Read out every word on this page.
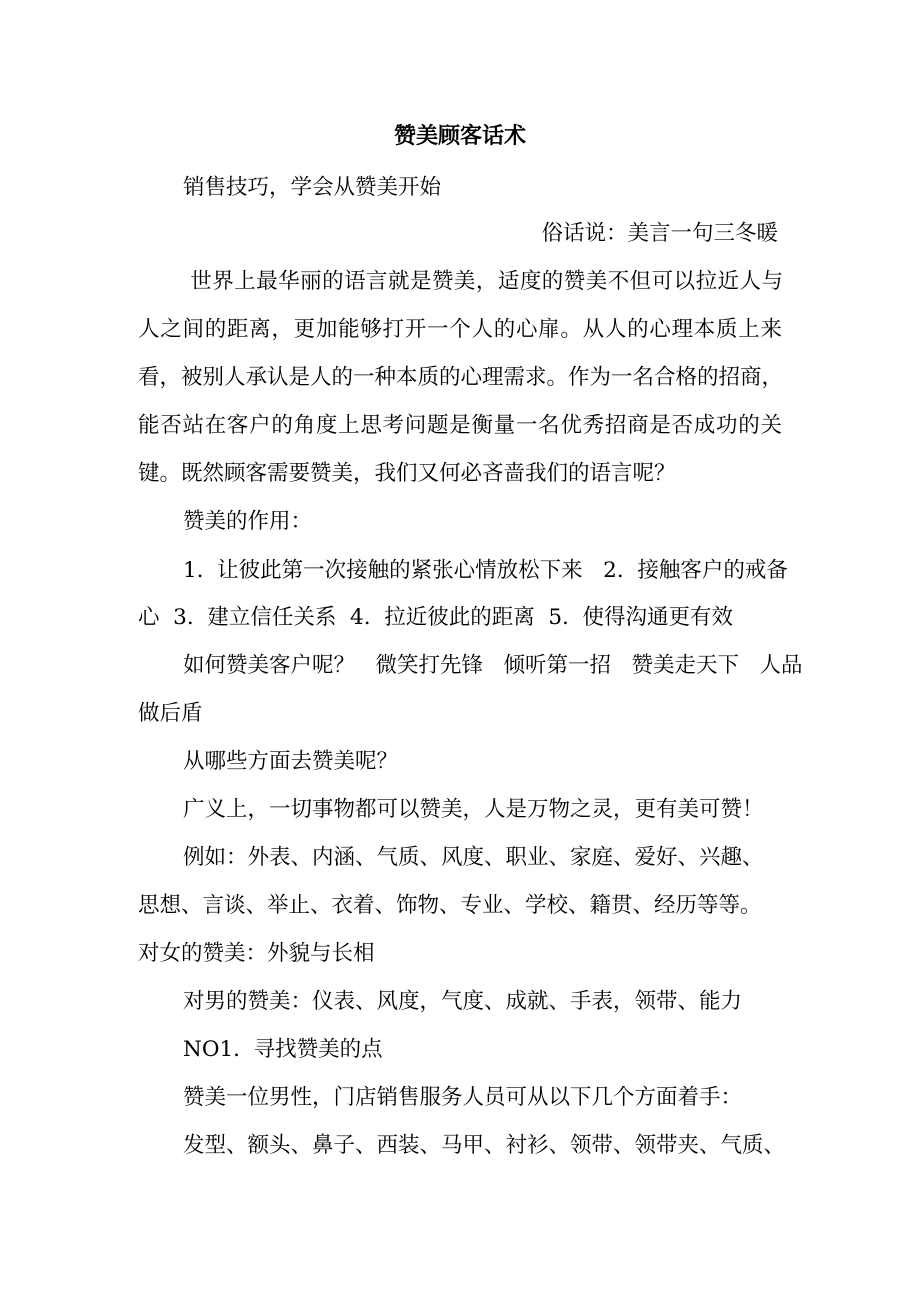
赞美顾客话术
销售技巧，学会从赞美开始
俗话说：美言一句三冬暖
世界上最华丽的语言就是赞美，适度的赞美不但可以拉近人与
人之间的距离，更加能够打开一个人的心扉。从人的心理本质上来
看，被别人承认是人的一种本质的心理需求。作为一名合格的招商，
能否站在客户的角度上思考问题是衡量一名优秀招商是否成功的关
键。既然顾客需要赞美，我们又何必吝啬我们的语言呢？
赞美的作用：
1.  让彼此第一次接触的紧张心情放松下来   2.  接触客户的戒备
心  3.  建立信任关系  4.  拉近彼此的距离  5.  使得沟通更有效
如何赞美客户呢？   微笑打先锋   倾听第一招   赞美走天下   人品
做后盾
从哪些方面去赞美呢？
广义上，一切事物都可以赞美，人是万物之灵，更有美可赞！
例如：外表、内涵、气质、风度、职业、家庭、爱好、兴趣、
思想、言谈、举止、衣着、饰物、专业、学校、籍贯、经历等等。
对女的赞美：外貌与长相
对男的赞美：仪表、风度，气度、成就、手表，领带、能力
NO1.  寻找赞美的点
赞美一位男性，门店销售服务人员可从以下几个方面着手：
发型、额头、鼻子、西装、马甲、衬衫、领带、领带夹、气质、
